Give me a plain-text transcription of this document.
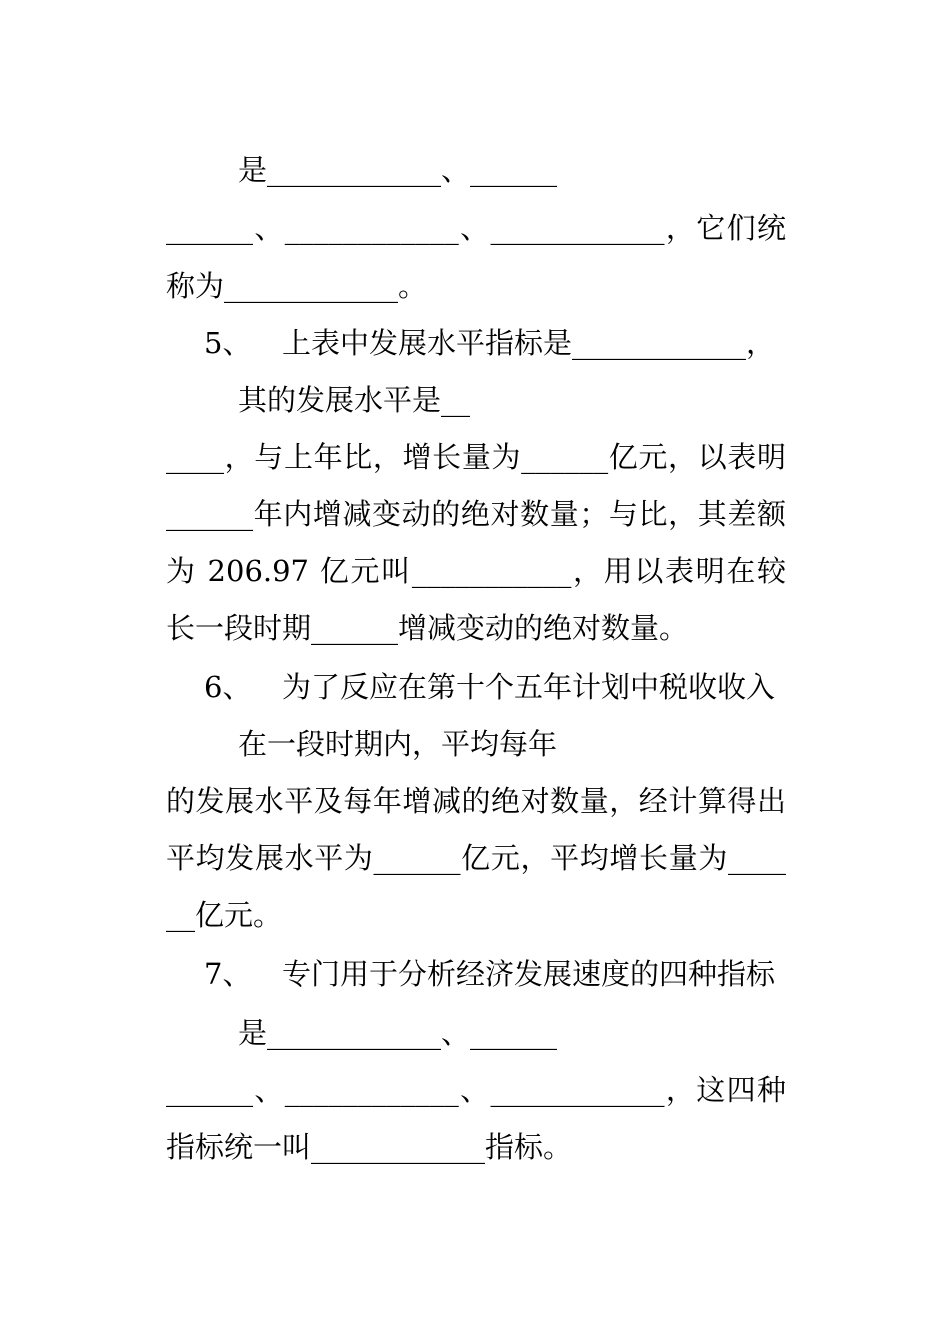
是____________、______
______、____________、____________，它们统
称为____________。
5、 上表中发展水平指标是____________，
其的发展水平是__
____，与上年比，增长量为______亿元，以表明
______年内增减变动的绝对数量；与比，其差额
为 206.97 亿元叫___________，用以表明在较
长一段时期______增减变动的绝对数量。
6、 为了反应在第十个五年计划中税收收入
在一段时期内，平均每年
的发展水平及每年增减的绝对数量，经计算得出
平均发展水平为______亿元，平均增长量为____
__亿元。
7、 专门用于分析经济发展速度的四种指标
是____________、______
______、____________、____________，这四种
指标统一叫____________指标。
